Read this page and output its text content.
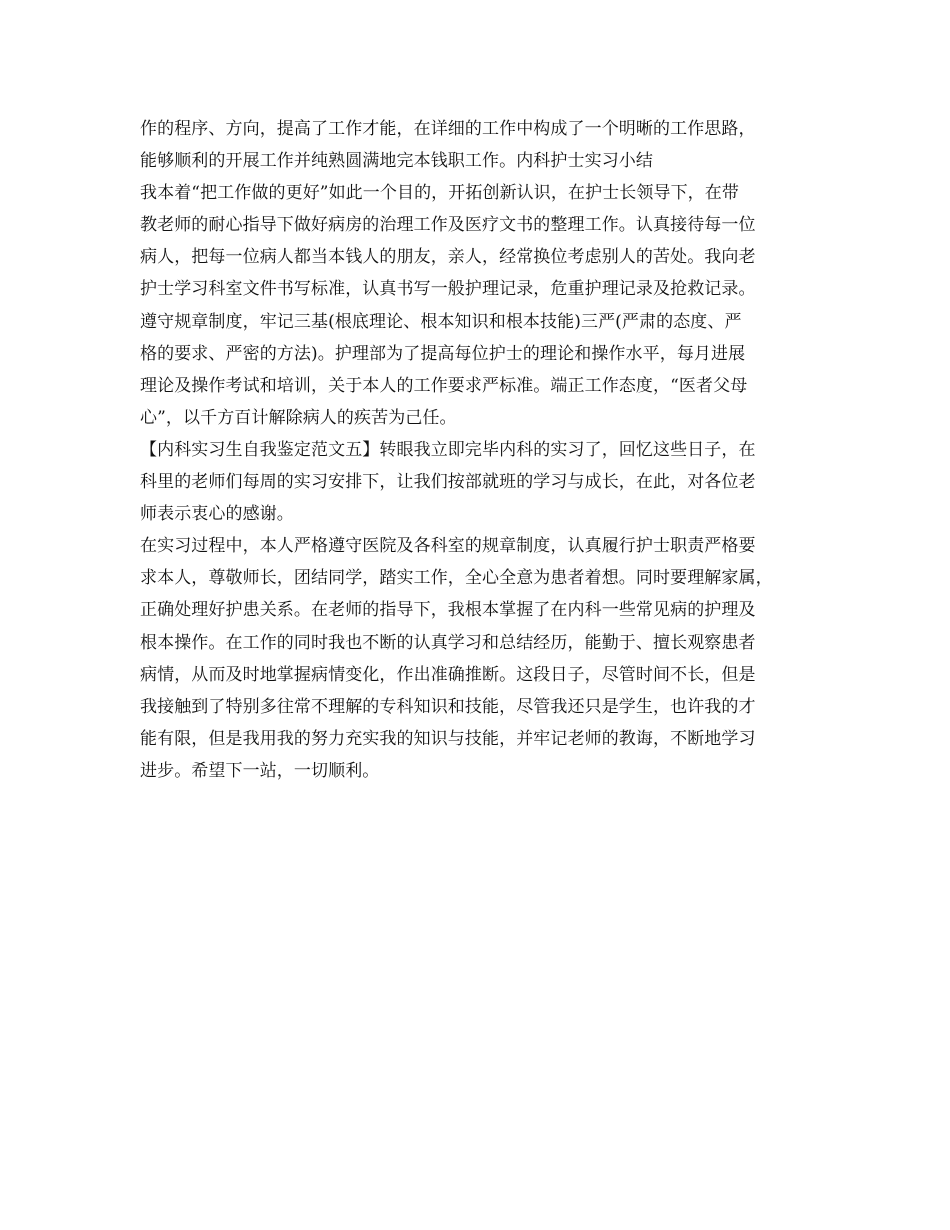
作的程序、方向，提高了工作才能，在详细的工作中构成了一个明晰的工作思路，
能够顺利的开展工作并纯熟圆满地完本钱职工作。内科护士实习小结
我本着“把工作做的更好”如此一个目的，开拓创新认识，在护士长领导下，在带
教老师的耐心指导下做好病房的治理工作及医疗文书的整理工作。认真接待每一位
病人，把每一位病人都当本钱人的朋友，亲人，经常换位考虑别人的苦处。我向老
护士学习科室文件书写标准，认真书写一般护理记录，危重护理记录及抢救记录。
遵守规章制度，牢记三基(根底理论、根本知识和根本技能)三严(严肃的态度、严
格的要求、严密的方法)。护理部为了提高每位护士的理论和操作水平，每月进展
理论及操作考试和培训，关于本人的工作要求严标准。端正工作态度，“医者父母
心”，以千方百计解除病人的疾苦为己任。
【内科实习生自我鉴定范文五】转眼我立即完毕内科的实习了，回忆这些日子，在
科里的老师们每周的实习安排下，让我们按部就班的学习与成长，在此，对各位老
师表示衷心的感谢。
在实习过程中，本人严格遵守医院及各科室的规章制度，认真履行护士职责严格要
求本人，尊敬师长，团结同学，踏实工作，全心全意为患者着想。同时要理解家属，
正确处理好护患关系。在老师的指导下，我根本掌握了在内科一些常见病的护理及
根本操作。在工作的同时我也不断的认真学习和总结经历，能勤于、擅长观察患者
病情，从而及时地掌握病情变化，作出准确推断。这段日子，尽管时间不长，但是
我接触到了特别多往常不理解的专科知识和技能，尽管我还只是学生，也许我的才
能有限，但是我用我的努力充实我的知识与技能，并牢记老师的教诲，不断地学习
进步。希望下一站，一切顺利。
